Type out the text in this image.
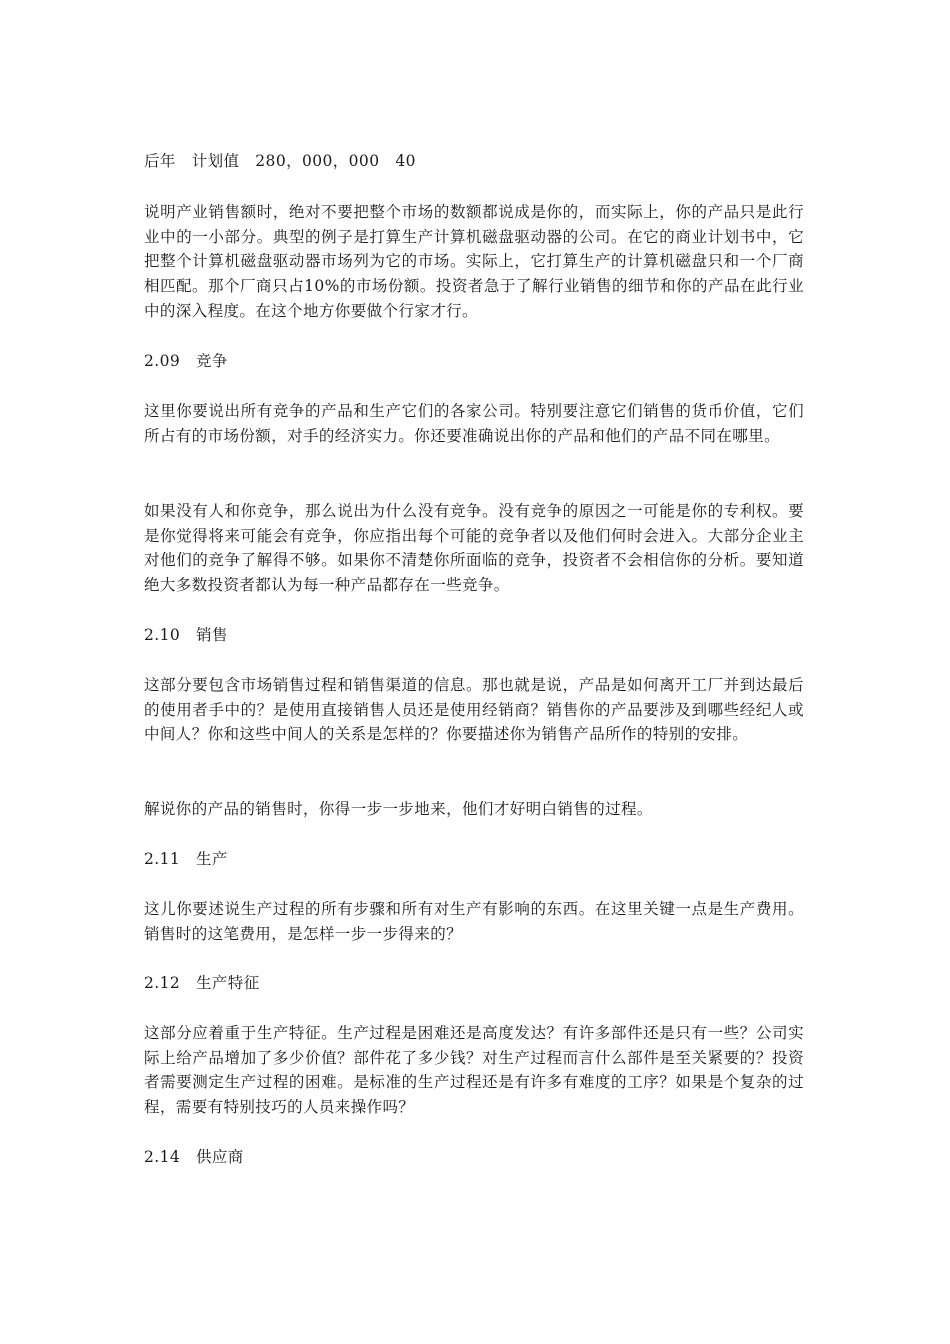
后年　计划值　280，000，000　40

说明产业销售额时，绝对不要把整个市场的数额都说成是你的，而实际上，你的产品只是此行业中的一小部分。典型的例子是打算生产计算机磁盘驱动器的公司。在它的商业计划书中，它把整个计算机磁盘驱动器市场列为它的市场。实际上，它打算生产的计算机磁盘只和一个厂商相匹配。那个厂商只占10%的市场份额。投资者急于了解行业销售的细节和你的产品在此行业中的深入程度。在这个地方你要做个行家才行。

2.09　竞争

这里你要说出所有竞争的产品和生产它们的各家公司。特别要注意它们销售的货币价值，它们所占有的市场份额，对手的经济实力。你还要准确说出你的产品和他们的产品不同在哪里。

如果没有人和你竞争，那么说出为什么没有竞争。没有竞争的原因之一可能是你的专利权。要是你觉得将来可能会有竞争，你应指出每个可能的竞争者以及他们何时会进入。大部分企业主对他们的竞争了解得不够。如果你不清楚你所面临的竞争，投资者不会相信你的分析。要知道绝大多数投资者都认为每一种产品都存在一些竞争。

2.10　销售

这部分要包含市场销售过程和销售渠道的信息。那也就是说，产品是如何离开工厂并到达最后的使用者手中的？是使用直接销售人员还是使用经销商？销售你的产品要涉及到哪些经纪人或中间人？你和这些中间人的关系是怎样的？你要描述你为销售产品所作的特别的安排。

解说你的产品的销售时，你得一步一步地来，他们才好明白销售的过程。

2.11　生产

这儿你要述说生产过程的所有步骤和所有对生产有影响的东西。在这里关键一点是生产费用。销售时的这笔费用，是怎样一步一步得来的？

2.12　生产特征

这部分应着重于生产特征。生产过程是困难还是高度发达？有许多部件还是只有一些？公司实际上给产品增加了多少价值？部件花了多少钱？对生产过程而言什么部件是至关紧要的？投资者需要测定生产过程的困难。是标准的生产过程还是有许多有难度的工序？如果是个复杂的过程，需要有特别技巧的人员来操作吗？

2.14　供应商
